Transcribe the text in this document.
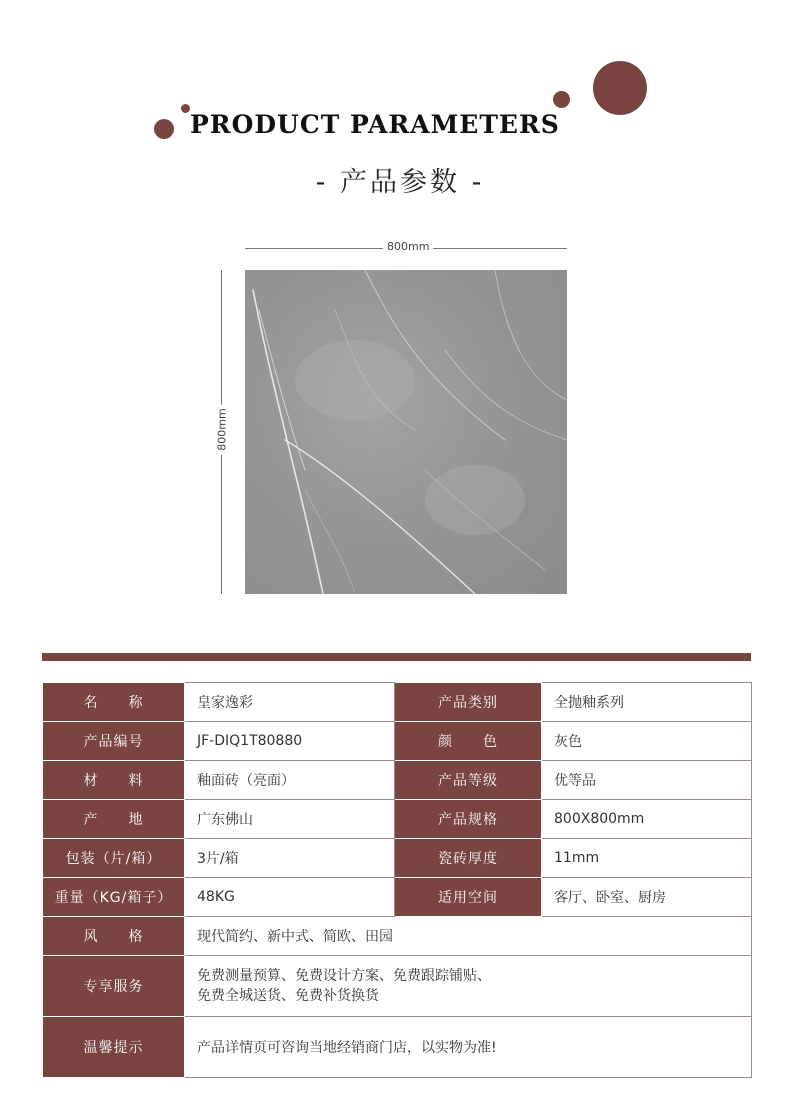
PRODUCT PARAMETERS
- 产品参数 -
800mm
800mm
名　　称	皇家逸彩	产品类别	全抛釉系列
产品编号	JF-DIQ1T80880	颜　　色	灰色
材　　料	釉面砖（亮面）	产品等级	优等品
产　　地	广东佛山	产品规格	800X800mm
包装（片/箱）	3片/箱	瓷砖厚度	11mm
重量（KG/箱子）	48KG	适用空间	客厅、卧室、厨房
风　　格	现代简约、新中式、简欧、田园		
专享服务	免费测量预算、免费设计方案、免费跟踪铺贴、
免费全城送货、免费补货换货		

温馨提示	产品详情页可咨询当地经销商门店，以实物为准!		
